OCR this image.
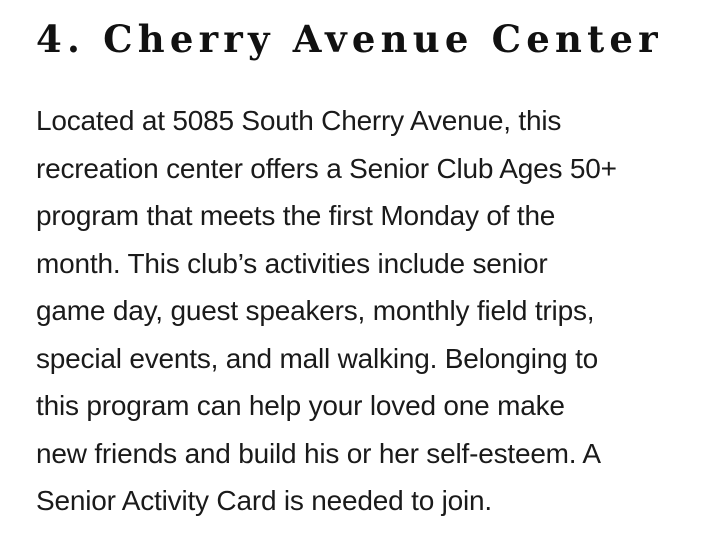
4. Cherry Avenue Center

Located at 5085 South Cherry Avenue, this
recreation center offers a Senior Club Ages 50+
program that meets the first Monday of the
month. This club’s activities include senior
game day, guest speakers, monthly field trips,
special events, and mall walking. Belonging to
this program can help your loved one make
new friends and build his or her self-esteem. A
Senior Activity Card is needed to join.
